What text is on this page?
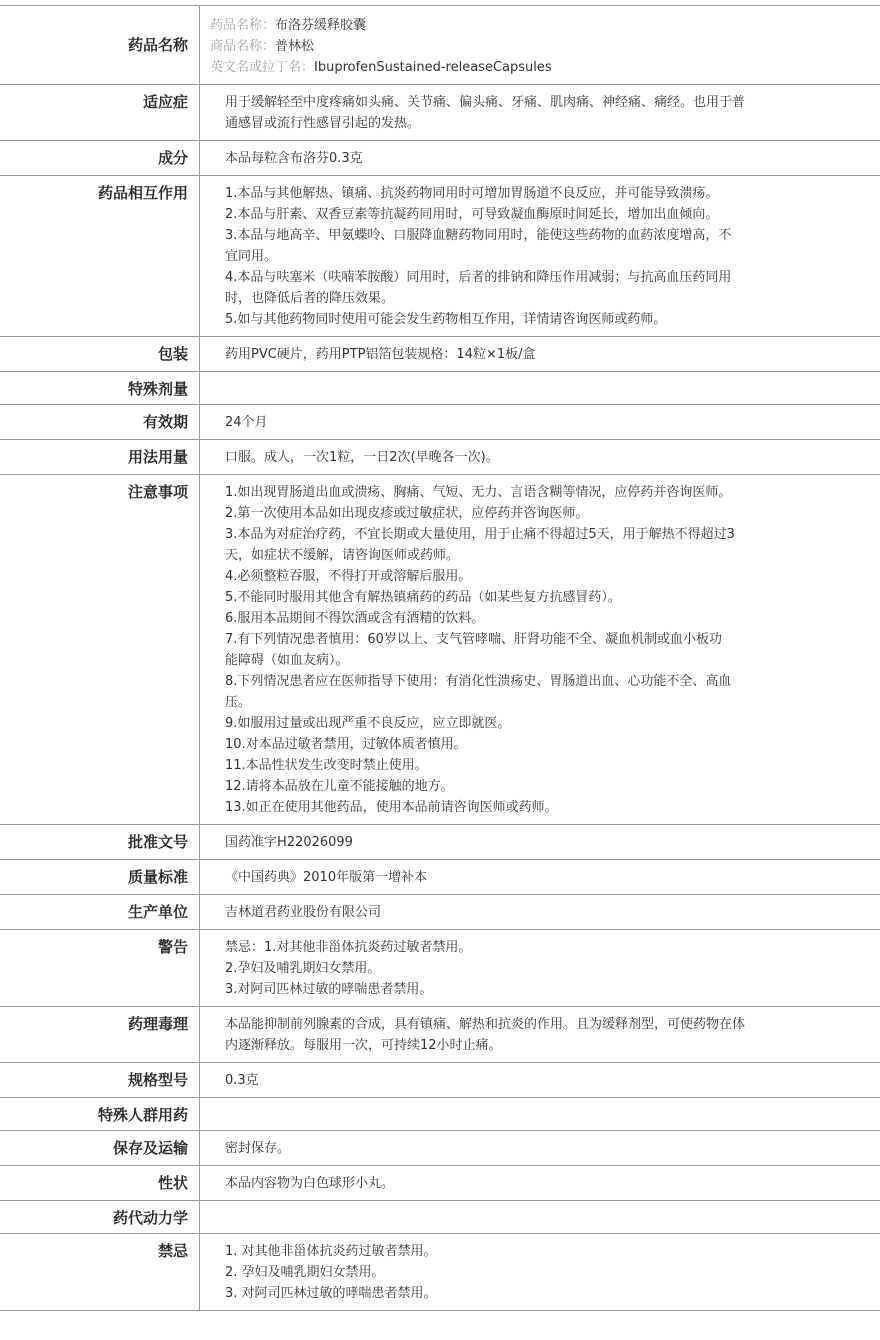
药品名称
药品名称：布洛芬缓释胶囊
商品名称：普林松
英文名或拉丁名：IbuprofenSustained-releaseCapsules
适应症	用于缓解轻至中度疼痛如头痛、关节痛、偏头痛、牙痛、肌肉痛、神经痛、痛经。也用于普
通感冒或流行性感冒引起的发热。
成分	本品每粒含布洛芬0.3克
药品相互作用	1.本品与其他解热、镇痛、抗炎药物同用时可增加胃肠道不良反应，并可能导致溃疡。
2.本品与肝素、双香豆素等抗凝药同用时，可导致凝血酶原时间延长，增加出血倾向。
3.本品与地高辛、甲氨蝶呤、口服降血糖药物同用时，能使这些药物的血药浓度增高，不
宜同用。
4.本品与呋塞米（呋喃苯胺酸）同用时，后者的排钠和降压作用减弱；与抗高血压药同用
时，也降低后者的降压效果。
5.如与其他药物同时使用可能会发生药物相互作用，详情请咨询医师或药师。
包装	药用PVC硬片，药用PTP铝箔包装规格：14粒×1板/盒
特殊剂量
有效期	24个月
用法用量	口服。成人，一次1粒，一日2次(早晚各一次)。
注意事项	1.如出现胃肠道出血或溃疡、胸痛、气短、无力、言语含糊等情况，应停药并咨询医师。
2.第一次使用本品如出现皮疹或过敏症状，应停药并咨询医师。
3.本品为对症治疗药，不宜长期或大量使用，用于止痛不得超过5天，用于解热不得超过3
天，如症状不缓解，请咨询医师或药师。
4.必须整粒吞服，不得打开或溶解后服用。
5.不能同时服用其他含有解热镇痛药的药品（如某些复方抗感冒药）。
6.服用本品期间不得饮酒或含有酒精的饮料。
7.有下列情况患者慎用：60岁以上、支气管哮喘、肝肾功能不全、凝血机制或血小板功
能障碍（如血友病）。
8.下列情况患者应在医师指导下使用：有消化性溃疡史、胃肠道出血、心功能不全、高血
压。
9.如服用过量或出现严重不良反应，应立即就医。
10.对本品过敏者禁用，过敏体质者慎用。
11.本品性状发生改变时禁止使用。
12.请将本品放在儿童不能接触的地方。
13.如正在使用其他药品，使用本品前请咨询医师或药师。
批准文号	国药准字H22026099
质量标准	《中国药典》2010年版第一增补本
生产单位	吉林道君药业股份有限公司
警告	禁忌：1.对其他非甾体抗炎药过敏者禁用。
2.孕妇及哺乳期妇女禁用。
3.对阿司匹林过敏的哮喘患者禁用。
药理毒理	本品能抑制前列腺素的合成，具有镇痛、解热和抗炎的作用。且为缓释剂型，可使药物在体
内逐渐释放。每服用一次，可持续12小时止痛。
规格型号	0.3克
特殊人群用药
保存及运输	密封保存。
性状	本品内容物为白色球形小丸。
药代动力学
禁忌	1. 对其他非甾体抗炎药过敏者禁用。
2. 孕妇及哺乳期妇女禁用。
3. 对阿司匹林过敏的哮喘患者禁用。
